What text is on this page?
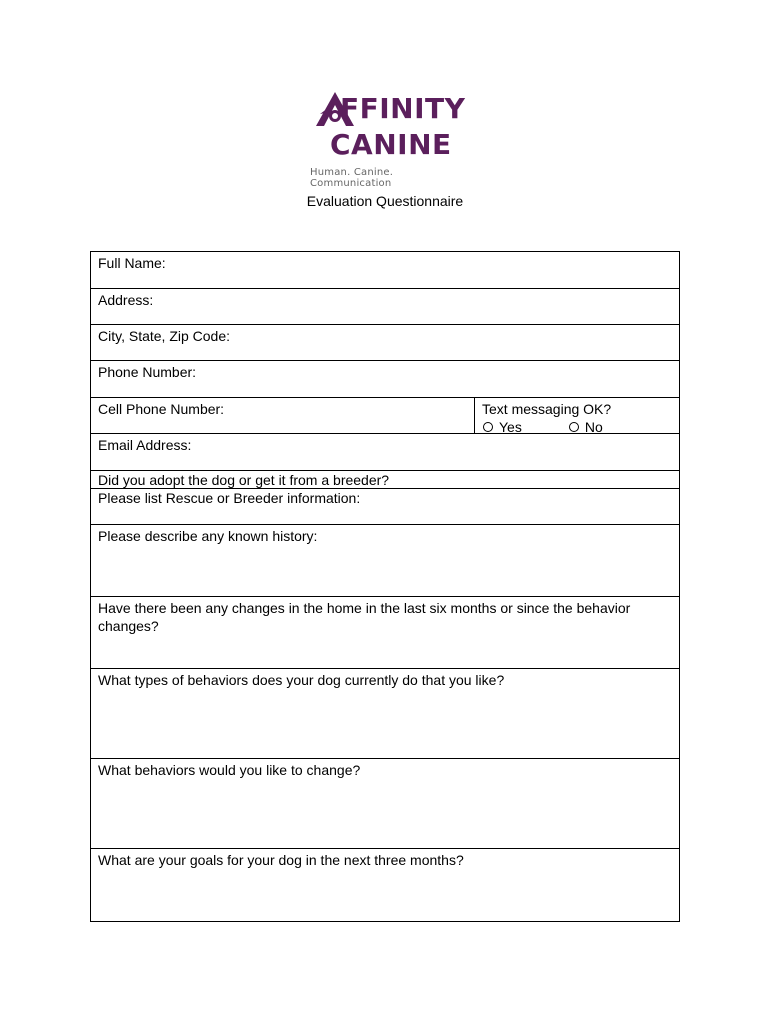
FFINITY
CANINE
Human. Canine. Communication
Evaluation Questionnaire
Full Name:
Address:
City, State, Zip Code:
Phone Number:
Cell Phone Number:	Text messaging OK?
Yes	No
Email Address:
Did you adopt the dog or get it from a breeder?
Please list Rescue or Breeder information:
Please describe any known history:
Have there been any changes in the home in the last six months or since the behavior changes?
What types of behaviors does your dog currently do that you like?
What behaviors would you like to change?
What are your goals for your dog in the next three months?
